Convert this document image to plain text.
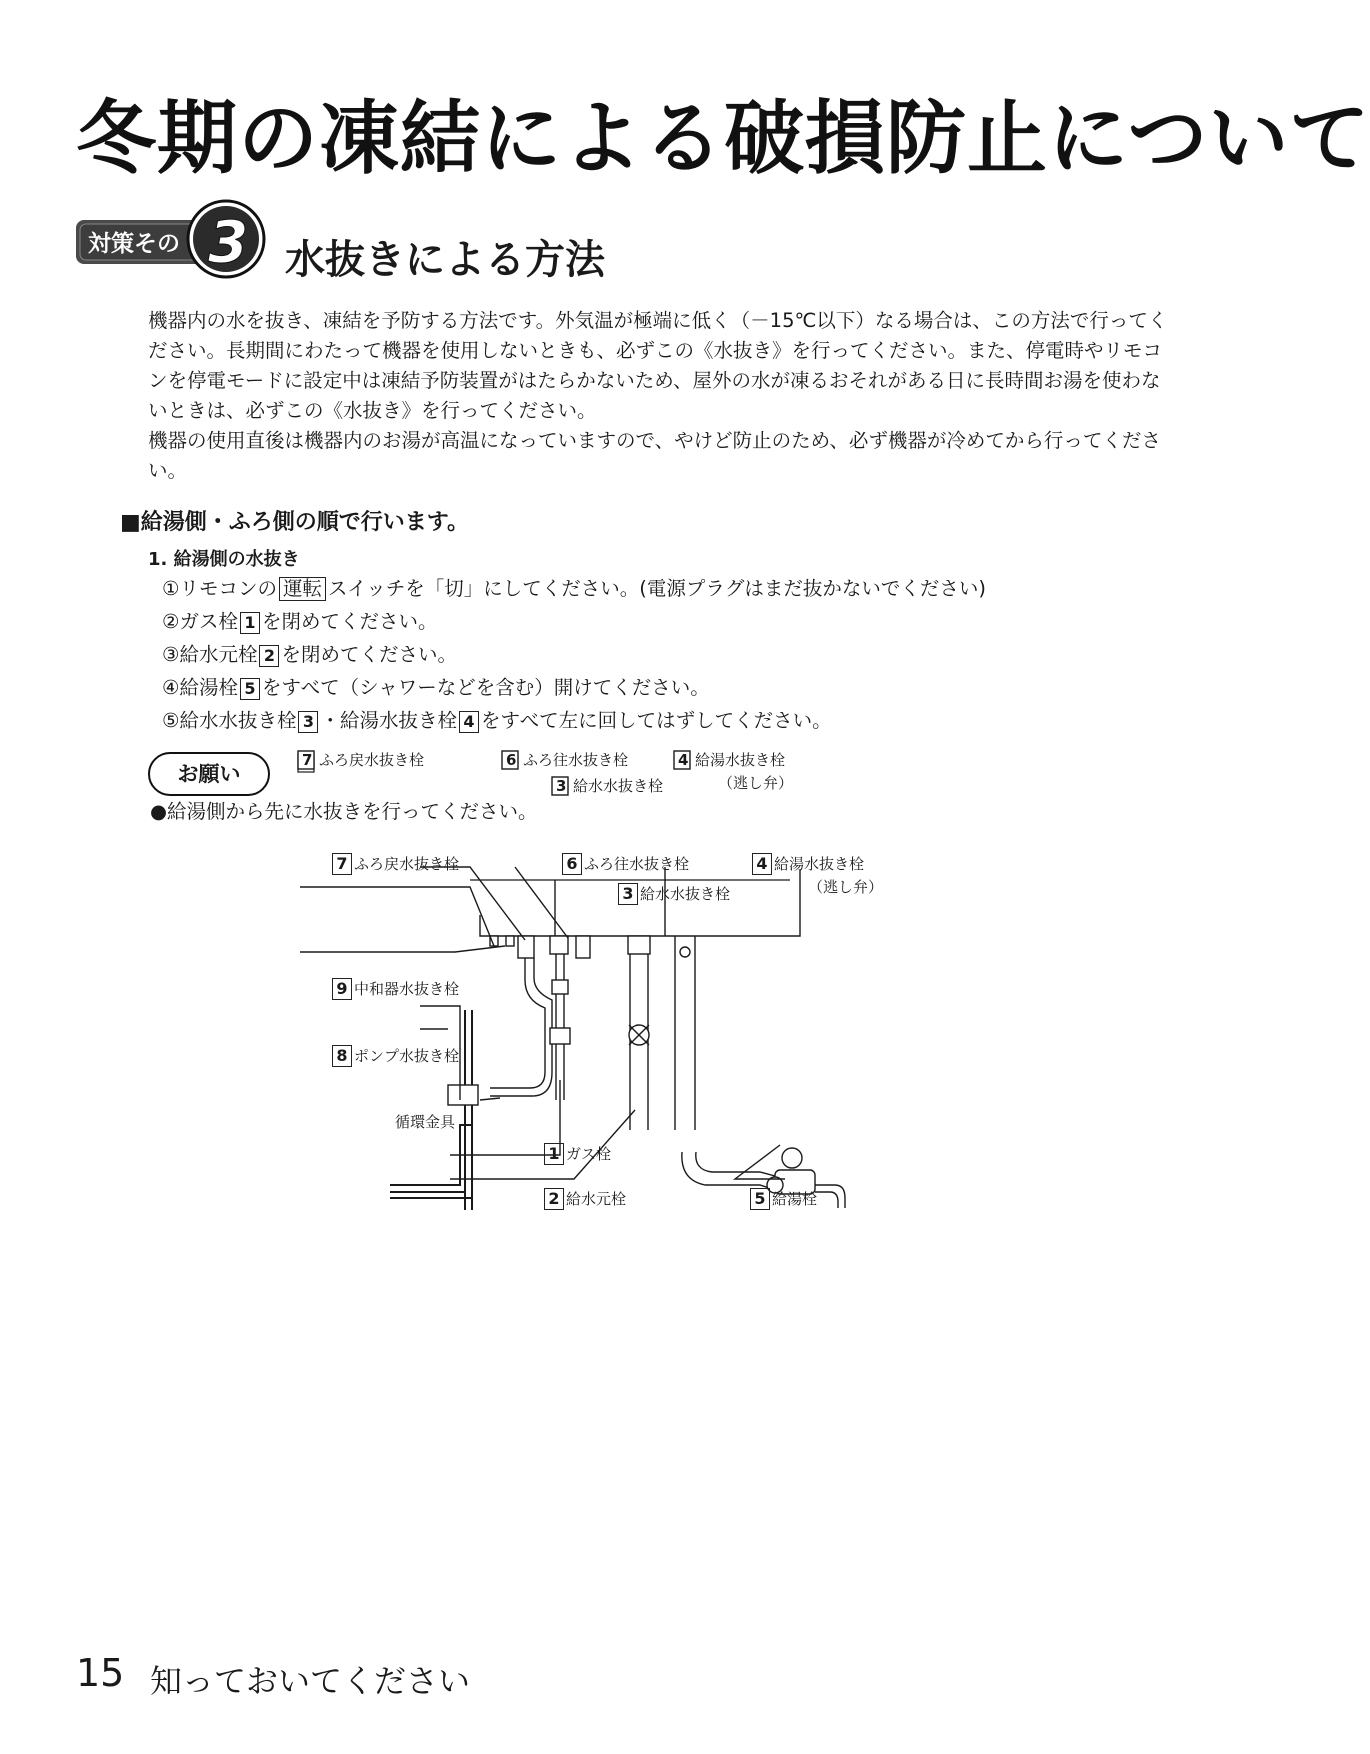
冬期の凍結による破損防止について
対策その 3 水抜きによる方法

機器内の水を抜き、凍結を予防する方法です。外気温が極端に低く（－15℃以下）なる場合は、この方法で行ってください。長期間にわたって機器を使用しないときも、必ずこの《水抜き》を行ってください。また、停電時やリモコンを停電モードに設定中は凍結予防装置がはたらかないため、屋外の水が凍るおそれがある日に長時間お湯を使わないときは、必ずこの《水抜き》を行ってください。

機器の使用直後は機器内のお湯が高温になっていますので、やけど防止のため、必ず機器が冷めてから行ってください。

■給湯側・ふろ側の順で行います。
1. 給湯側の水抜き
①リモコンの 運転 スイッチを「切」にしてください。(電源プラグはまだ抜かないでください)
②ガス栓 1 を閉めてください。
③給水元栓 2 を閉めてください。
④給湯栓 5 をすべて（シャワーなどを含む）開けてください。
⑤給水水抜き栓 3 ・給湯水抜き栓 4 をすべて左に回してはずしてください。
お願い
●給湯側から先に水抜きを行ってください。
7 ふろ戻水抜き栓	6 ふろ往水抜き栓	4 給湯水抜き栓
（逃し弁）
3 給水水抜き栓
7 ふろ戻水抜き栓	6 ふろ往水抜き栓	4 給湯水抜き栓
（逃し弁）
3 給水水抜き栓
9 中和器水抜き栓
8 ポンプ水抜き栓
循環金具
1 ガス栓
2 給水元栓	5 給湯栓
15 知っておいてください
